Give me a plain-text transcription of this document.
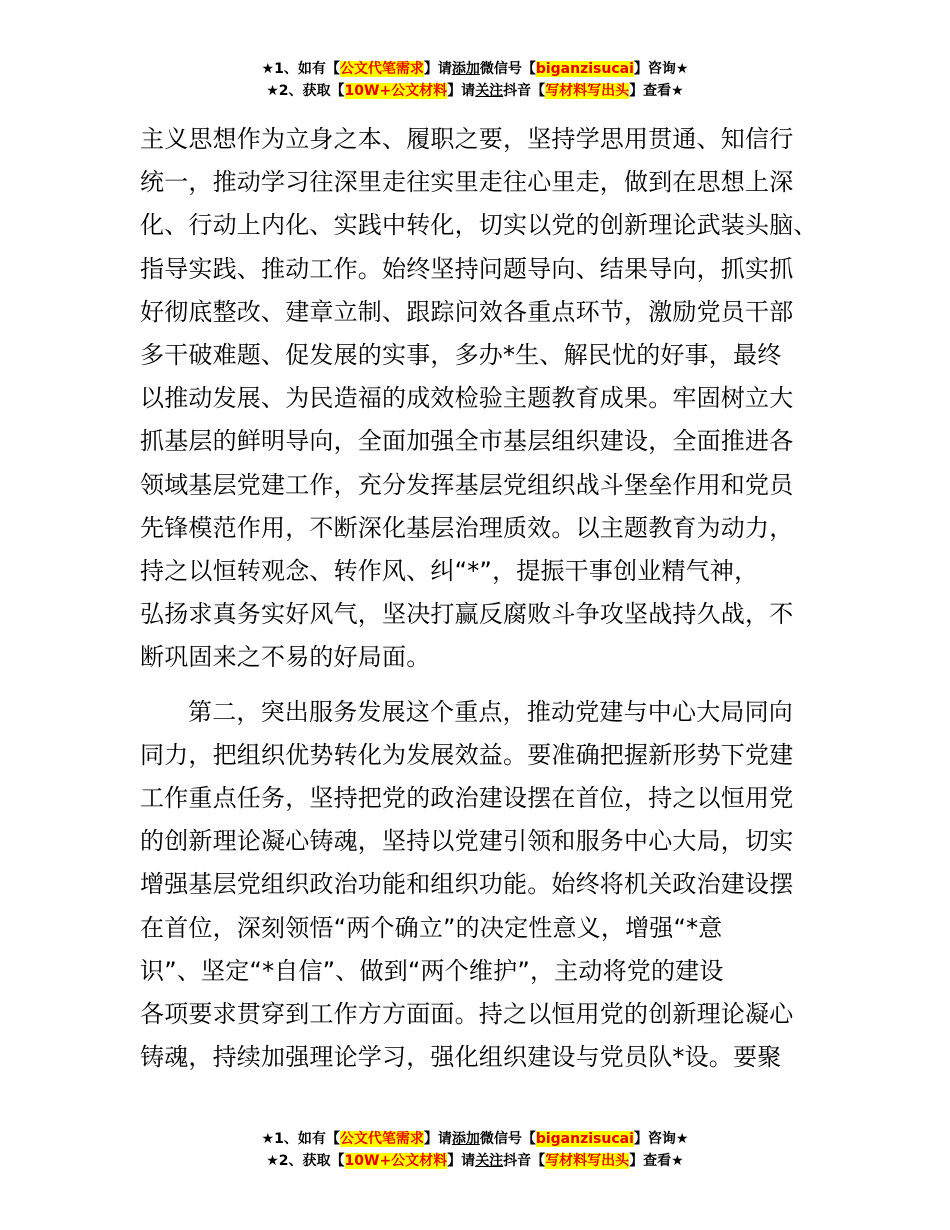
★1、如有【公文代笔需求】请添加微信号【biganzisucai】咨询★
★2、获取【10W+公文材料】请关注抖音【写材料写出头】查看★

主义思想作为立身之本、履职之要，坚持学思用贯通、知信行
统一，推动学习往深里走往实里走往心里走，做到在思想上深
化、行动上内化、实践中转化，切实以党的创新理论武装头脑、
指导实践、推动工作。始终坚持问题导向、结果导向，抓实抓
好彻底整改、建章立制、跟踪问效各重点环节，激励党员干部
多干破难题、促发展的实事，多办*生、解民忧的好事，最终
以推动发展、为民造福的成效检验主题教育成果。牢固树立大
抓基层的鲜明导向，全面加强全市基层组织建设，全面推进各
领域基层党建工作，充分发挥基层党组织战斗堡垒作用和党员
先锋模范作用，不断深化基层治理质效。以主题教育为动力，
持之以恒转观念、转作风、纠“*”，提振干事创业精气神，
弘扬求真务实好风气，坚决打赢反腐败斗争攻坚战持久战，不
断巩固来之不易的好局面。

第二，突出服务发展这个重点，推动党建与中心大局同向
同力，把组织优势转化为发展效益。要准确把握新形势下党建
工作重点任务，坚持把党的政治建设摆在首位，持之以恒用党
的创新理论凝心铸魂，坚持以党建引领和服务中心大局，切实
增强基层党组织政治功能和组织功能。始终将机关政治建设摆
在首位，深刻领悟“两个确立”的决定性意义，增强“*意
识”、坚定“*自信”、做到“两个维护”，主动将党的建设
各项要求贯穿到工作方方面面。持之以恒用党的创新理论凝心
铸魂，持续加强理论学习，强化组织建设与党员队*设。要聚

★1、如有【公文代笔需求】请添加微信号【biganzisucai】咨询★
★2、获取【10W+公文材料】请关注抖音【写材料写出头】查看★
